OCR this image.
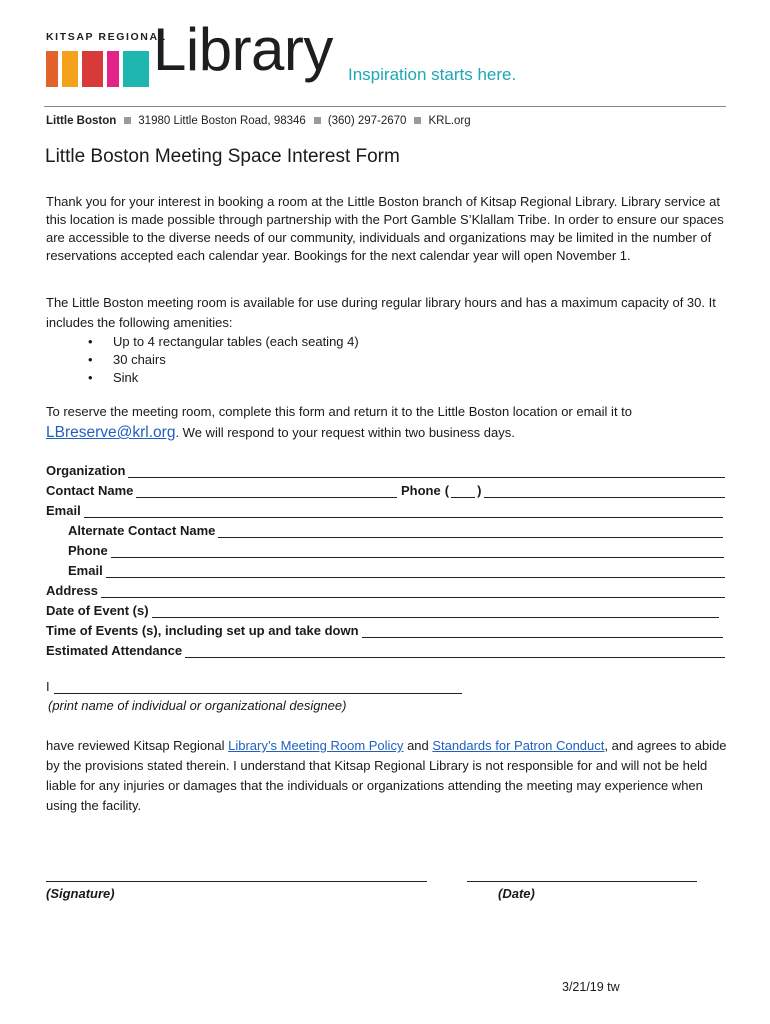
KITSAP REGIONAL
Library Inspiration starts here.
Little Boston 31980 Little Boston Road, 98346 (360) 297-2670 KRL.org
Little Boston Meeting Space Interest Form
Thank you for your interest in booking a room at the Little Boston branch of Kitsap Regional Library. Library service at this location is made possible through partnership with the Port Gamble S’Klallam Tribe. In order to ensure our spaces are accessible to the diverse needs of our community, individuals and organizations may be limited in the number of reservations accepted each calendar year. Bookings for the next calendar year will open November 1.
The Little Boston meeting room is available for use during regular library hours and has a maximum capacity of 30. It includes the following amenities:
• Up to 4 rectangular tables (each seating 4)
• 30 chairs
• Sink
To reserve the meeting room, complete this form and return it to the Little Boston location or email it to LBreserve@krl.org. We will respond to your request within two business days.
Organization
Contact Name	Phone ( )
Email
Alternate Contact Name
Phone
Email
Address
Date of Event (s)
Time of Events (s), including set up and take down
Estimated Attendance
I
(print name of individual or organizational designee)
have reviewed Kitsap Regional Library’s Meeting Room Policy and Standards for Patron Conduct, and agrees to abide by the provisions stated therein. I understand that Kitsap Regional Library is not responsible for and will not be held liable for any injuries or damages that the individuals or organizations attending the meeting may experience when using the facility.
(Signature)	(Date)
3/21/19 tw
